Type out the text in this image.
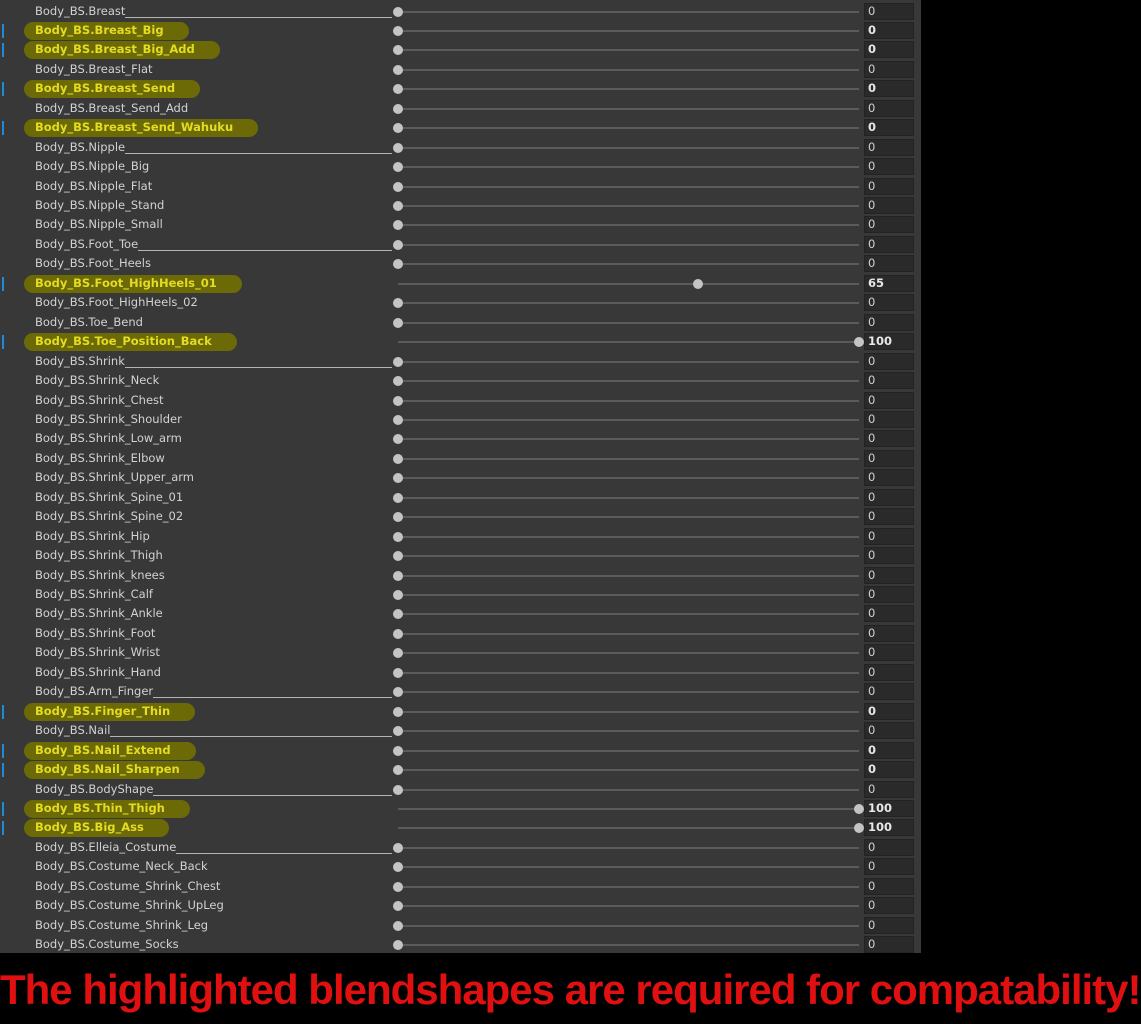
Body_BS.Breast	0
Body_BS.Breast_Big	0
Body_BS.Breast_Big_Add	0
Body_BS.Breast_Flat	0
Body_BS.Breast_Send	0
Body_BS.Breast_Send_Add	0
Body_BS.Breast_Send_Wahuku	0
Body_BS.Nipple	0
Body_BS.Nipple_Big	0
Body_BS.Nipple_Flat	0
Body_BS.Nipple_Stand	0
Body_BS.Nipple_Small	0
Body_BS.Foot_Toe	0
Body_BS.Foot_Heels	0
Body_BS.Foot_HighHeels_01	65
Body_BS.Foot_HighHeels_02	0
Body_BS.Toe_Bend	0
Body_BS.Toe_Position_Back	100
Body_BS.Shrink	0
Body_BS.Shrink_Neck	0
Body_BS.Shrink_Chest	0
Body_BS.Shrink_Shoulder	0
Body_BS.Shrink_Low_arm	0
Body_BS.Shrink_Elbow	0
Body_BS.Shrink_Upper_arm	0
Body_BS.Shrink_Spine_01	0
Body_BS.Shrink_Spine_02	0
Body_BS.Shrink_Hip	0
Body_BS.Shrink_Thigh	0
Body_BS.Shrink_knees	0
Body_BS.Shrink_Calf	0
Body_BS.Shrink_Ankle	0
Body_BS.Shrink_Foot	0
Body_BS.Shrink_Wrist	0
Body_BS.Shrink_Hand	0
Body_BS.Arm_Finger	0
Body_BS.Finger_Thin	0
Body_BS.Nail	0
Body_BS.Nail_Extend	0
Body_BS.Nail_Sharpen	0
Body_BS.BodyShape	0
Body_BS.Thin_Thigh	100
Body_BS.Big_Ass	100
Body_BS.Elleia_Costume	0
Body_BS.Costume_Neck_Back	0
Body_BS.Costume_Shrink_Chest	0
Body_BS.Costume_Shrink_UpLeg	0
Body_BS.Costume_Shrink_Leg	0
Body_BS.Costume_Socks	0
The highlighted blendshapes are required for compatability!
